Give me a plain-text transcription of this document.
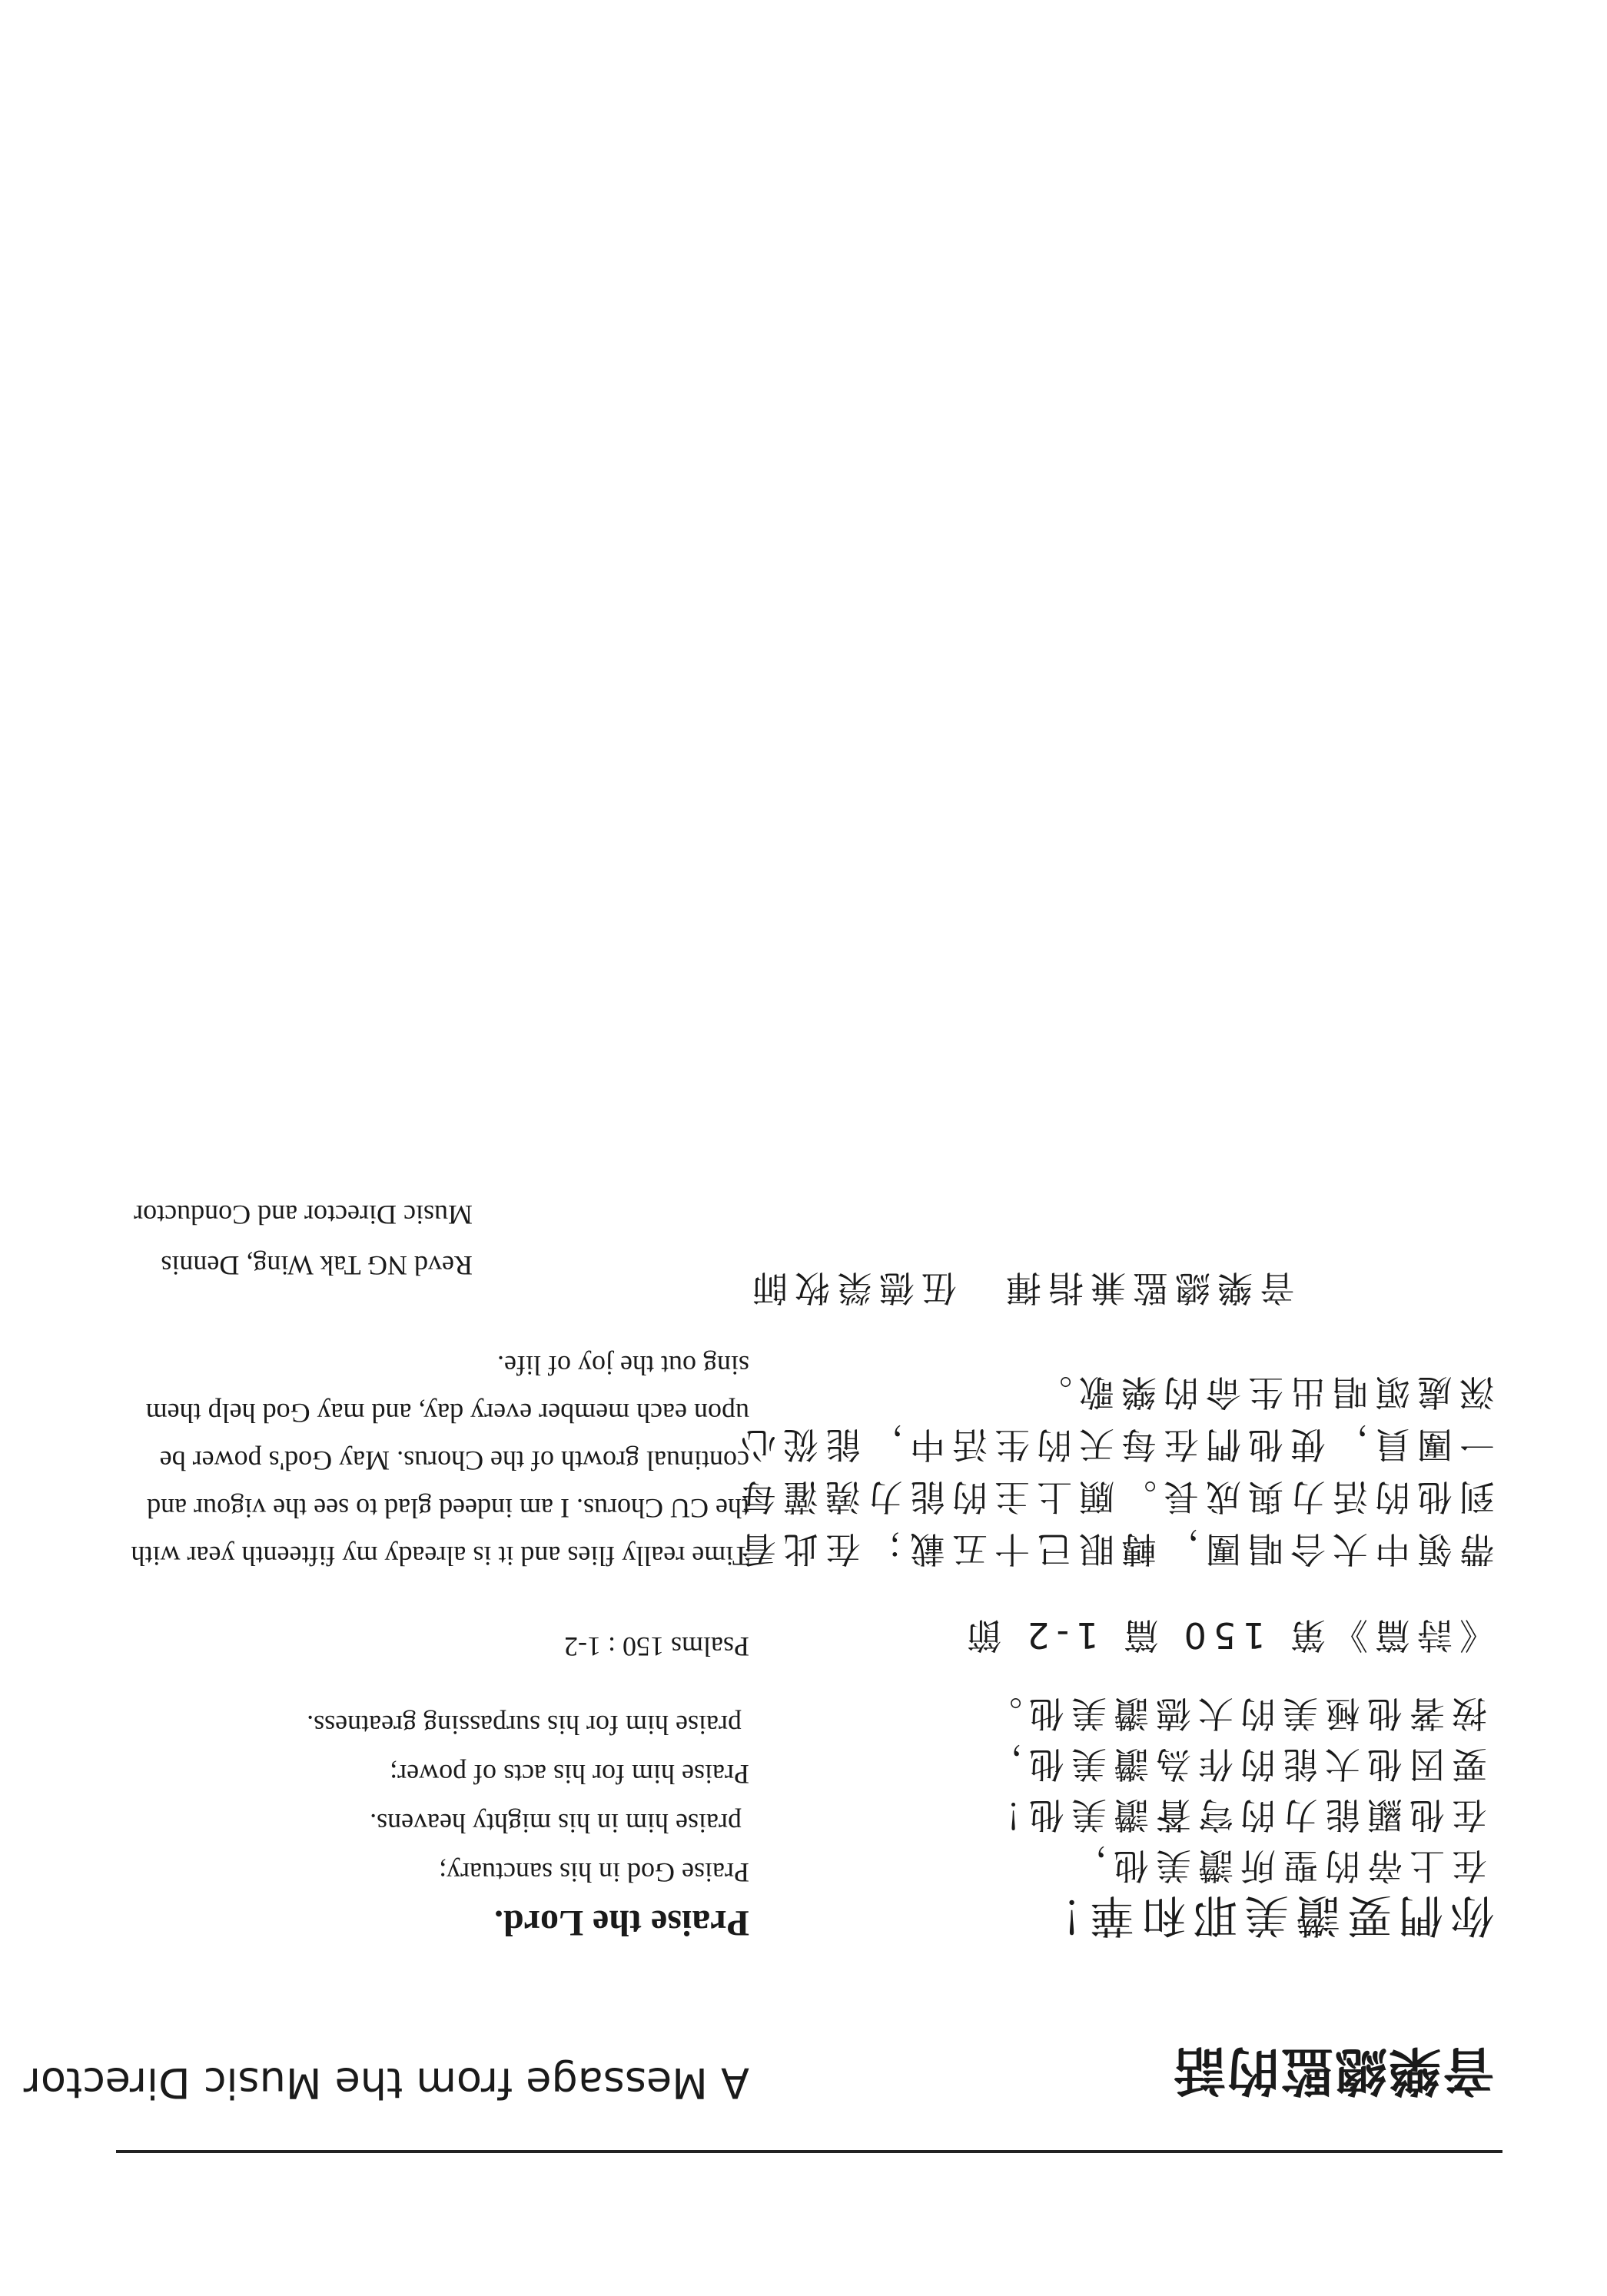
音樂總監的話
A Message from the Music Director
你們要讚美耶和華！
在上帝的聖所讚美他，
在他顯能力的穹蒼讚美他！
要因他大能的作為讚美他，
按著他極美的大德讚美他。
《詩篇》第 150 篇 1-2 節
Praise the Lord.
Praise God in his sanctuary;
praise him in his mighty heavens.
Praise him for his acts of power;
praise him for his surpassing greatness.
Psalms 150 : 1-2
帶領中大合唱團，轉眼已十五載；在此看
到他的活力與成長。願上主的能力澆灌每
一團員，使他們在每天的生活中，能從心
深處頌唱出生命的樂歌。
Time really flies and it is already my fifteenth year with
the CU Chorus. I am indeed glad to see the vigour and
continual growth of the Chorus. May God's power be
upon each member every day, and may God help them
sing out the joy of life.
音樂總監兼指揮　伍德榮牧師
Revd NG Tak Wing, Dennis
Music Director and Conductor
